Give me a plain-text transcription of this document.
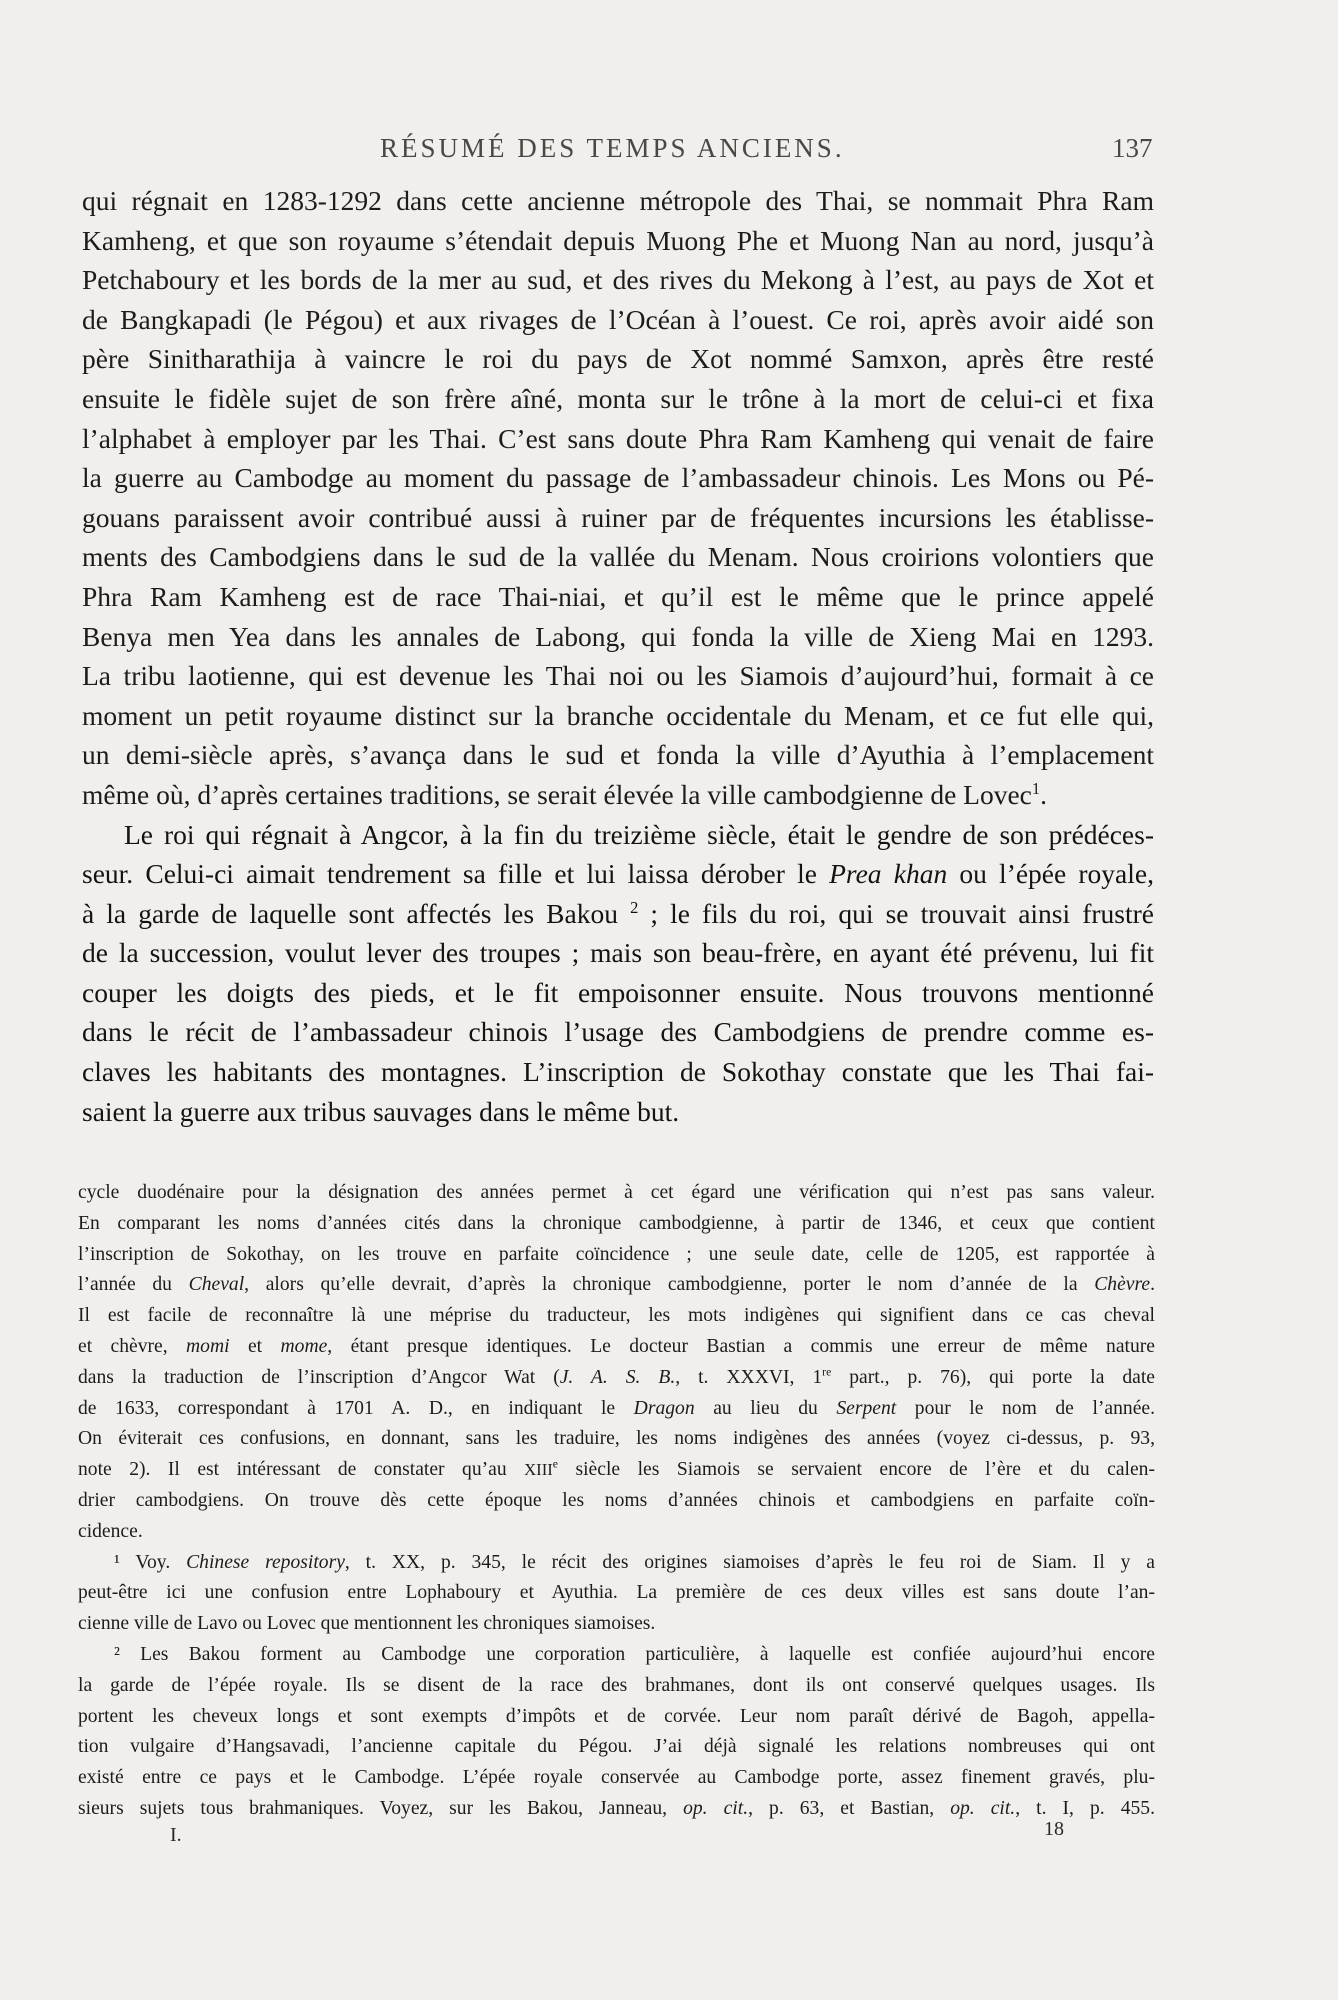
RÉSUMÉ DES TEMPS ANCIENS.	137
qui régnait en 1283-1292 dans cette ancienne métropole des Thai, se nommait Phra Ram
Kamheng, et que son royaume s’étendait depuis Muong Phe et Muong Nan au nord, jusqu’à
Petchaboury et les bords de la mer au sud, et des rives du Mekong à l’est, au pays de Xot et
de Bangkapadi (le Pégou) et aux rivages de l’Océan à l’ouest. Ce roi, après avoir aidé son
père Sinitharathija à vaincre le roi du pays de Xot nommé Samxon, après être resté
ensuite le fidèle sujet de son frère aîné, monta sur le trône à la mort de celui-ci et fixa
l’alphabet à employer par les Thai. C’est sans doute Phra Ram Kamheng qui venait de faire
la guerre au Cambodge au moment du passage de l’ambassadeur chinois. Les Mons ou Pé-
gouans paraissent avoir contribué aussi à ruiner par de fréquentes incursions les établisse-
ments des Cambodgiens dans le sud de la vallée du Menam. Nous croirions volontiers que
Phra Ram Kamheng est de race Thai-niai, et qu’il est le même que le prince appelé
Benya men Yea dans les annales de Labong, qui fonda la ville de Xieng Mai en 1293.
La tribu laotienne, qui est devenue les Thai noi ou les Siamois d’aujourd’hui, formait à ce
moment un petit royaume distinct sur la branche occidentale du Menam, et ce fut elle qui,
un demi-siècle après, s’avança dans le sud et fonda la ville d’Ayuthia à l’emplacement
même où, d’après certaines traditions, se serait élevée la ville cambodgienne de Lovec$^1$.
Le roi qui régnait à Angcor, à la fin du treizième siècle, était le gendre de son prédéces-
seur. Celui-ci aimait tendrement sa fille et lui laissa dérober le Prea khan ou l’épée royale,
à la garde de laquelle sont affectés les Bakou $^2$ ; le fils du roi, qui se trouvait ainsi frustré
de la succession, voulut lever des troupes ; mais son beau-frère, en ayant été prévenu, lui fit
couper les doigts des pieds, et le fit empoisonner ensuite. Nous trouvons mentionné
dans le récit de l’ambassadeur chinois l’usage des Cambodgiens de prendre comme es-
claves les habitants des montagnes. L’inscription de Sokothay constate que les Thai fai-
saient la guerre aux tribus sauvages dans le même but.
cycle duodénaire pour la désignation des années permet à cet égard une vérification qui n’est pas sans valeur.
En comparant les noms d’années cités dans la chronique cambodgienne, à partir de 1346, et ceux que contient
l’inscription de Sokothay, on les trouve en parfaite coïncidence ; une seule date, celle de 1205, est rapportée à
l’année du Cheval, alors qu’elle devrait, d’après la chronique cambodgienne, porter le nom d’année de la Chèvre.
Il est facile de reconnaître là une méprise du traducteur, les mots indigènes qui signifient dans ce cas cheval
et chèvre, momi et mome, étant presque identiques. Le docteur Bastian a commis une erreur de même nature
dans la traduction de l’inscription d’Angcor Wat (J. A. S. B., t. XXXVI, 1re part., p. 76), qui porte la date
de 1633, correspondant à 1701 A. D., en indiquant le Dragon au lieu du Serpent pour le nom de l’année.
On éviterait ces confusions, en donnant, sans les traduire, les noms indigènes des années (voyez ci-dessus, p. 93,
note 2). Il est intéressant de constater qu’au XIIIe siècle les Siamois se servaient encore de l’ère et du calen-
drier cambodgiens. On trouve dès cette époque les noms d’années chinois et cambodgiens en parfaite coïn-
cidence.
¹ Voy. Chinese repository, t. XX, p. 345, le récit des origines siamoises d’après le feu roi de Siam. Il y a
peut-être ici une confusion entre Lophaboury et Ayuthia. La première de ces deux villes est sans doute l’an-
cienne ville de Lavo ou Lovec que mentionnent les chroniques siamoises.
² Les Bakou forment au Cambodge une corporation particulière, à laquelle est confiée aujourd’hui encore
la garde de l’épée royale. Ils se disent de la race des brahmanes, dont ils ont conservé quelques usages. Ils
portent les cheveux longs et sont exempts d’impôts et de corvée. Leur nom paraît dérivé de Bagoh, appella-
tion vulgaire d’Hangsavadi, l’ancienne capitale du Pégou. J’ai déjà signalé les relations nombreuses qui ont
existé entre ce pays et le Cambodge. L’épée royale conservée au Cambodge porte, assez finement gravés, plu-
sieurs sujets tous brahmaniques. Voyez, sur les Bakou, Janneau, op. cit., p. 63, et Bastian, op. cit., t. I, p. 455.
I.	18
